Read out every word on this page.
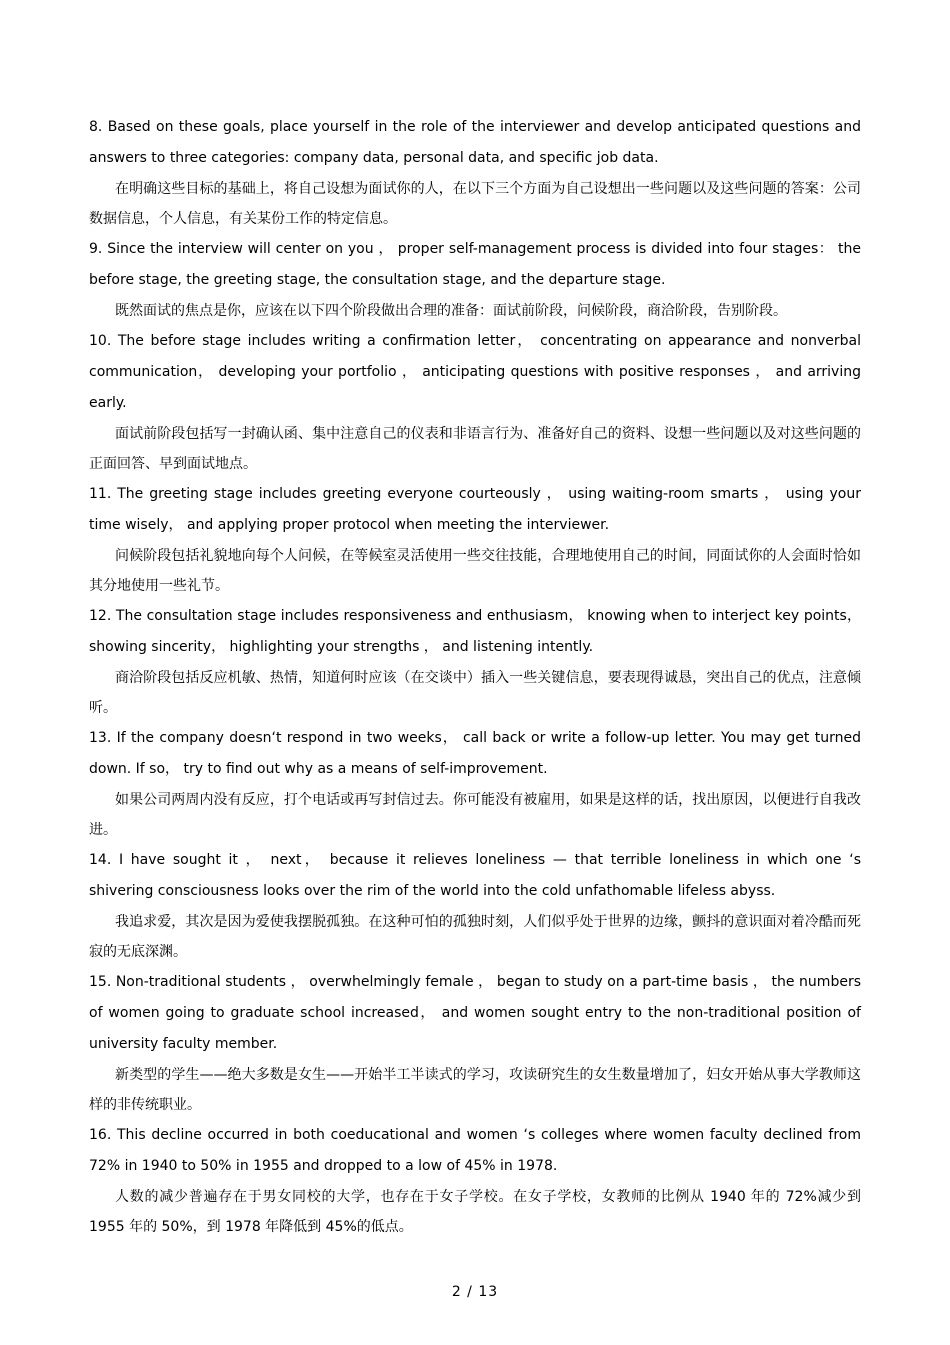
8. Based on these goals, place yourself in the role of the interviewer and develop anticipated questions and answers to three categories: company data, personal data, and specific job data.

在明确这些目标的基础上，将自己设想为面试你的人，在以下三个方面为自己设想出一些问题以及这些问题的答案：公司数据信息，个人信息，有关某份工作的特定信息。

9. Since the interview will center on you ， proper self-management process is divided into four stages： the before stage, the greeting stage, the consultation stage, and the departure stage.

既然面试的焦点是你，应该在以下四个阶段做出合理的准备：面试前阶段，问候阶段，商洽阶段，告别阶段。

10. The before stage includes writing a confirmation letter， concentrating on appearance and nonverbal communication， developing your portfolio ， anticipating questions with positive responses ， and arriving early.

面试前阶段包括写一封确认函、集中注意自己的仪表和非语言行为、准备好自己的资料、设想一些问题以及对这些问题的正面回答、早到面试地点。

11. The greeting stage includes greeting everyone courteously ， using waiting-room smarts ， using your time wisely， and applying proper protocol when meeting the interviewer.

问候阶段包括礼貌地向每个人问候，在等候室灵活使用一些交往技能，合理地使用自己的时间，同面试你的人会面时恰如其分地使用一些礼节。

12. The consultation stage includes responsiveness and enthusiasm， knowing when to interject key points， showing sincerity， highlighting your strengths ， and listening intently.

商洽阶段包括反应机敏、热情，知道何时应该（在交谈中）插入一些关键信息，要表现得诚恳，突出自己的优点，注意倾听。

13. If the company doesn‘t respond in two weeks， call back or write a follow-up letter. You may get turned down. If so， try to find out why as a means of self-improvement.

如果公司两周内没有反应，打个电话或再写封信过去。你可能没有被雇用，如果是这样的话，找出原因，以便进行自我改进。

14. I have sought it ， next， because it relieves loneliness — that terrible loneliness in which one ‘s shivering consciousness looks over the rim of the world into the cold unfathomable lifeless abyss.

我追求爱，其次是因为爱使我摆脱孤独。在这种可怕的孤独时刻，人们似乎处于世界的边缘，颤抖的意识面对着冷酷而死寂的无底深渊。

15. Non-traditional students ， overwhelmingly female ， began to study on a part-time basis ， the numbers of women going to graduate school increased， and women sought entry to the non-traditional position of university faculty member.

新类型的学生——绝大多数是女生——开始半工半读式的学习，攻读研究生的女生数量增加了，妇女开始从事大学教师这样的非传统职业。

16. This decline occurred in both coeducational and women ‘s colleges where women faculty declined from 72% in 1940 to 50% in 1955 and dropped to a low of 45% in 1978.

人数的减少普遍存在于男女同校的大学，也存在于女子学校。在女子学校，女教师的比例从 1940 年的 72%减少到 1955 年的 50%，到 1978 年降低到 45%的低点。

2 / 13
